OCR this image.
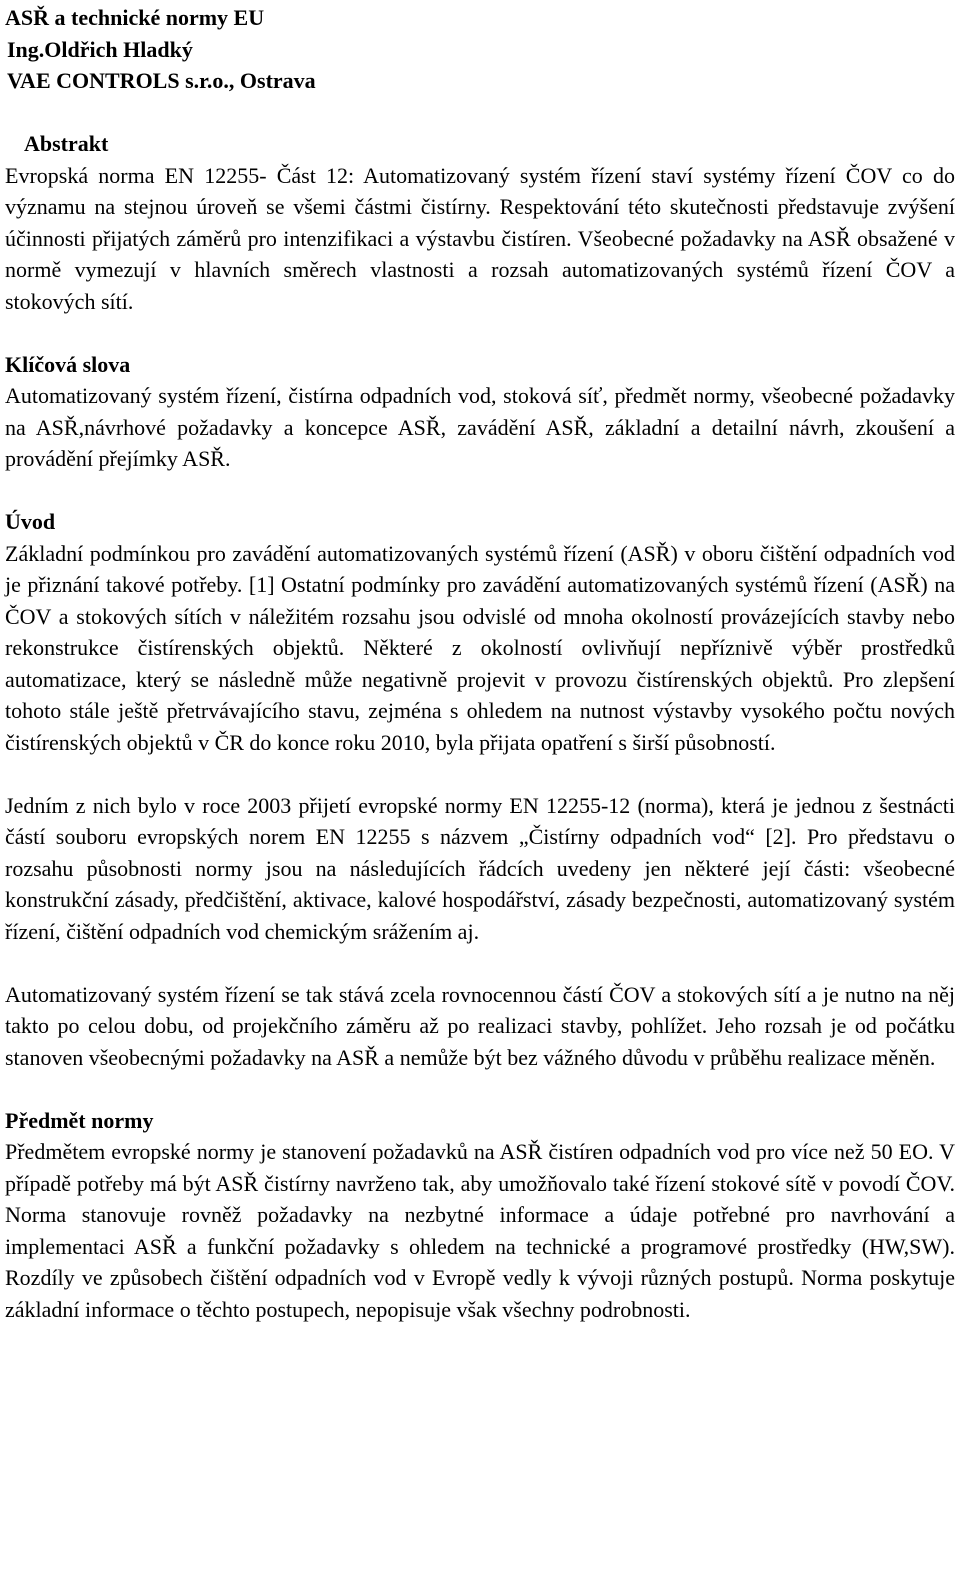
ASŘ a technické normy EU
Ing.Oldřich Hladký
VAE CONTROLS s.r.o., Ostrava
Abstrakt

Evropská norma EN 12255- Část 12: Automatizovaný systém řízení staví systémy řízení ČOV co do významu na stejnou úroveň se všemi částmi čistírny. Respektování této skutečnosti představuje zvýšení účinnosti přijatých záměrů pro intenzifikaci a výstavbu čistíren. Všeobecné požadavky na ASŘ obsažené v normě vymezují v hlavních směrech vlastnosti a rozsah automatizovaných systémů řízení ČOV a stokových sítí.

Klíčová slova

Automatizovaný systém řízení, čistírna odpadních vod, stoková síť, předmět normy, všeobecné požadavky na ASŘ,návrhové požadavky a koncepce ASŘ, zavádění ASŘ, základní a detailní návrh, zkoušení a provádění přejímky ASŘ.

Úvod

Základní podmínkou pro zavádění automatizovaných systémů řízení (ASŘ) v oboru čištění odpadních vod je přiznání takové potřeby. [1] Ostatní podmínky pro zavádění automatizovaných systémů řízení (ASŘ) na ČOV a stokových sítích v náležitém rozsahu jsou odvislé od mnoha okolností provázejících stavby nebo rekonstrukce čistírenských objektů. Některé z okolností ovlivňují nepříznivě výběr prostředků automatizace, který se následně může negativně projevit v provozu čistírenských objektů. Pro zlepšení tohoto stále ještě přetrvávajícího stavu, zejména s ohledem na nutnost výstavby vysokého počtu nových čistírenských objektů v ČR do konce roku 2010, byla přijata opatření s širší působností.

Jedním z nich bylo v roce 2003 přijetí evropské normy EN 12255-12 (norma), která je jednou z šestnácti částí souboru evropských norem EN 12255 s názvem „Čistírny odpadních vod“ [2]. Pro představu o rozsahu působnosti normy jsou na následujících řádcích uvedeny jen některé její části: všeobecné konstrukční zásady, předčištění, aktivace, kalové hospodářství, zásady bezpečnosti, automatizovaný systém řízení, čištění odpadních vod chemickým srážením aj.

Automatizovaný systém řízení se tak stává zcela rovnocennou částí ČOV a stokových sítí a je nutno na něj takto po celou dobu, od projekčního záměru až po realizaci stavby, pohlížet. Jeho rozsah je od počátku stanoven všeobecnými požadavky na ASŘ a nemůže být bez vážného důvodu v průběhu realizace měněn.

Předmět normy

Předmětem evropské normy je stanovení požadavků na ASŘ čistíren odpadních vod pro více než 50 EO. V případě potřeby má být ASŘ čistírny navrženo tak, aby umožňovalo také řízení stokové sítě v povodí ČOV. Norma stanovuje rovněž požadavky na nezbytné informace a údaje potřebné pro navrhování a implementaci ASŘ a funkční požadavky s ohledem na technické a programové prostředky (HW,SW). Rozdíly ve způsobech čištění odpadních vod v Evropě vedly k vývoji různých postupů. Norma poskytuje základní informace o těchto postupech, nepopisuje však všechny podrobnosti.
